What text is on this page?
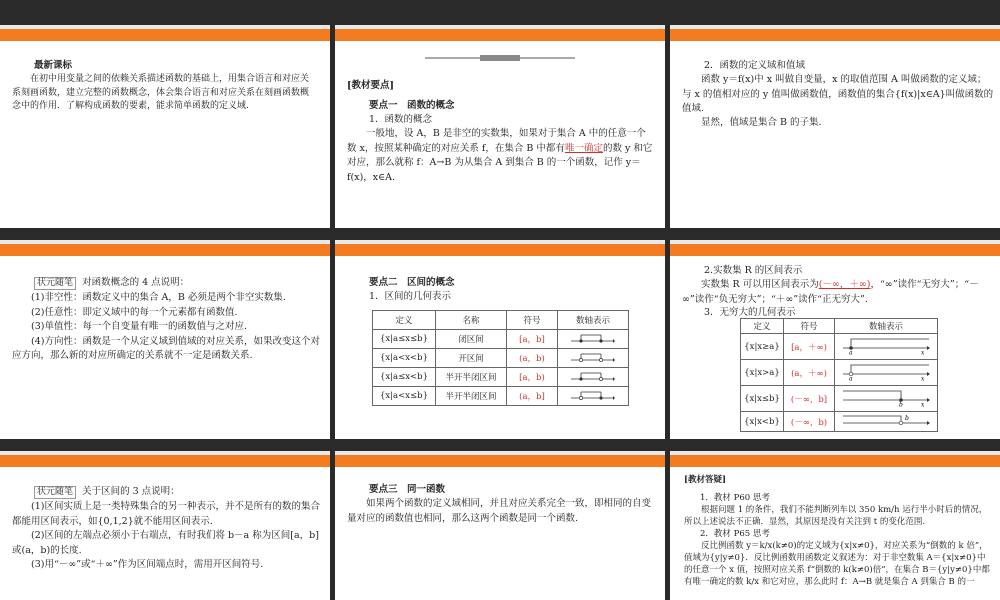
最新课标
在初中用变量之间的依赖关系描述函数的基础上，用集合语言和对应关系刻画函数，建立完整的函数概念，体会集合语言和对应关系在刻画函数概念中的作用．了解构成函数的要素，能求简单函数的定义域.
[教材要点]
要点一　函数的概念
1．函数的概念
一般地，设 A，B 是非空的实数集，如果对于集合 A 中的任意一个数 x，按照某种确定的对应关系 f，在集合 B 中都有唯一确定的数 y 和它对应，那么就称 f：A→B 为从集合 A 到集合 B 的一个函数，记作 y＝f(x)，x∈A.
2．函数的定义域和值域
函数 y＝f(x)中 x 叫做自变量，x 的取值范围 A 叫做函数的定义域；与 x 的值相对应的 y 值叫做函数值，函数值的集合{f(x)|x∈A}叫做函数的值域.
显然，值域是集合 B 的子集.
状元随笔 对函数概念的 4 点说明：
(1)非空性：函数定义中的集合 A，B 必须是两个非空实数集.
(2)任意性：即定义域中的每一个元素都有函数值.
(3)单值性：每一个自变量有唯一的函数值与之对应.
(4)方向性：函数是一个从定义域到值域的对应关系，如果改变这个对应方向，那么新的对应所确定的关系就不一定是函数关系.
要点二　区间的概念
1．区间的几何表示
定义	名称	符号	数轴表示
{x|a≤x≤b}	闭区间	[a，b]	
{x|a<x<b}	开区间	(a，b)	
{x|a≤x<b}	半开半闭区间	[a，b)	
{x|a<x≤b}	半开半闭区间	(a，b]	
2.实数集 R 的区间表示
实数集 R 可以用区间表示为(－∞，＋∞)，“∞”读作“无穷大”；“－∞”读作“负无穷大”；“＋∞”读作“正无穷大”.
3．无穷大的几何表示
定义	符号	数轴表示
{x|x≥a}	[a，＋∞)	a x

{x|x>a}	(a，＋∞)	a x

{x|x≤b}	(－∞，b]	b x

{x|x<b}	(－∞，b)	b
状元随笔 关于区间的 3 点说明：
(1)区间实质上是一类特殊集合的另一种表示，并不是所有的数的集合都能用区间表示，如{0,1,2}就不能用区间表示.
(2)区间的左端点必须小于右端点，有时我们将 b－a 称为区间[a，b]或(a，b)的长度.
(3)用“－∞”或“＋∞”作为区间端点时，需用开区间符号.
要点三　同一函数
如果两个函数的定义域相同，并且对应关系完全一致，即相同的自变量对应的函数值也相同，那么这两个函数是同一个函数.
[教材答疑]
1．教材 P60 思考
根据问题 1 的条件，我们不能判断列车以 350 km/h 运行半小时后的情况，所以上述说法不正确．显然，其原因是没有关注到 t 的变化范围.
2．教材 P65 思考
反比例函数 y＝k/x(k≠0)的定义域为{x|x≠0}，对应关系为“倒数的 k 倍”，值域为{y|y≠0}．反比例函数用函数定义叙述为：对于非空数集 A＝{x|x≠0}中的任意一个 x 值，按照对应关系 f“倒数的 k(k≠0)倍”，在集合 B＝{y|y≠0}中都有唯一确定的数 k/x 和它对应，那么此时 f：A→B 就是集合 A 到集合 B 的一
